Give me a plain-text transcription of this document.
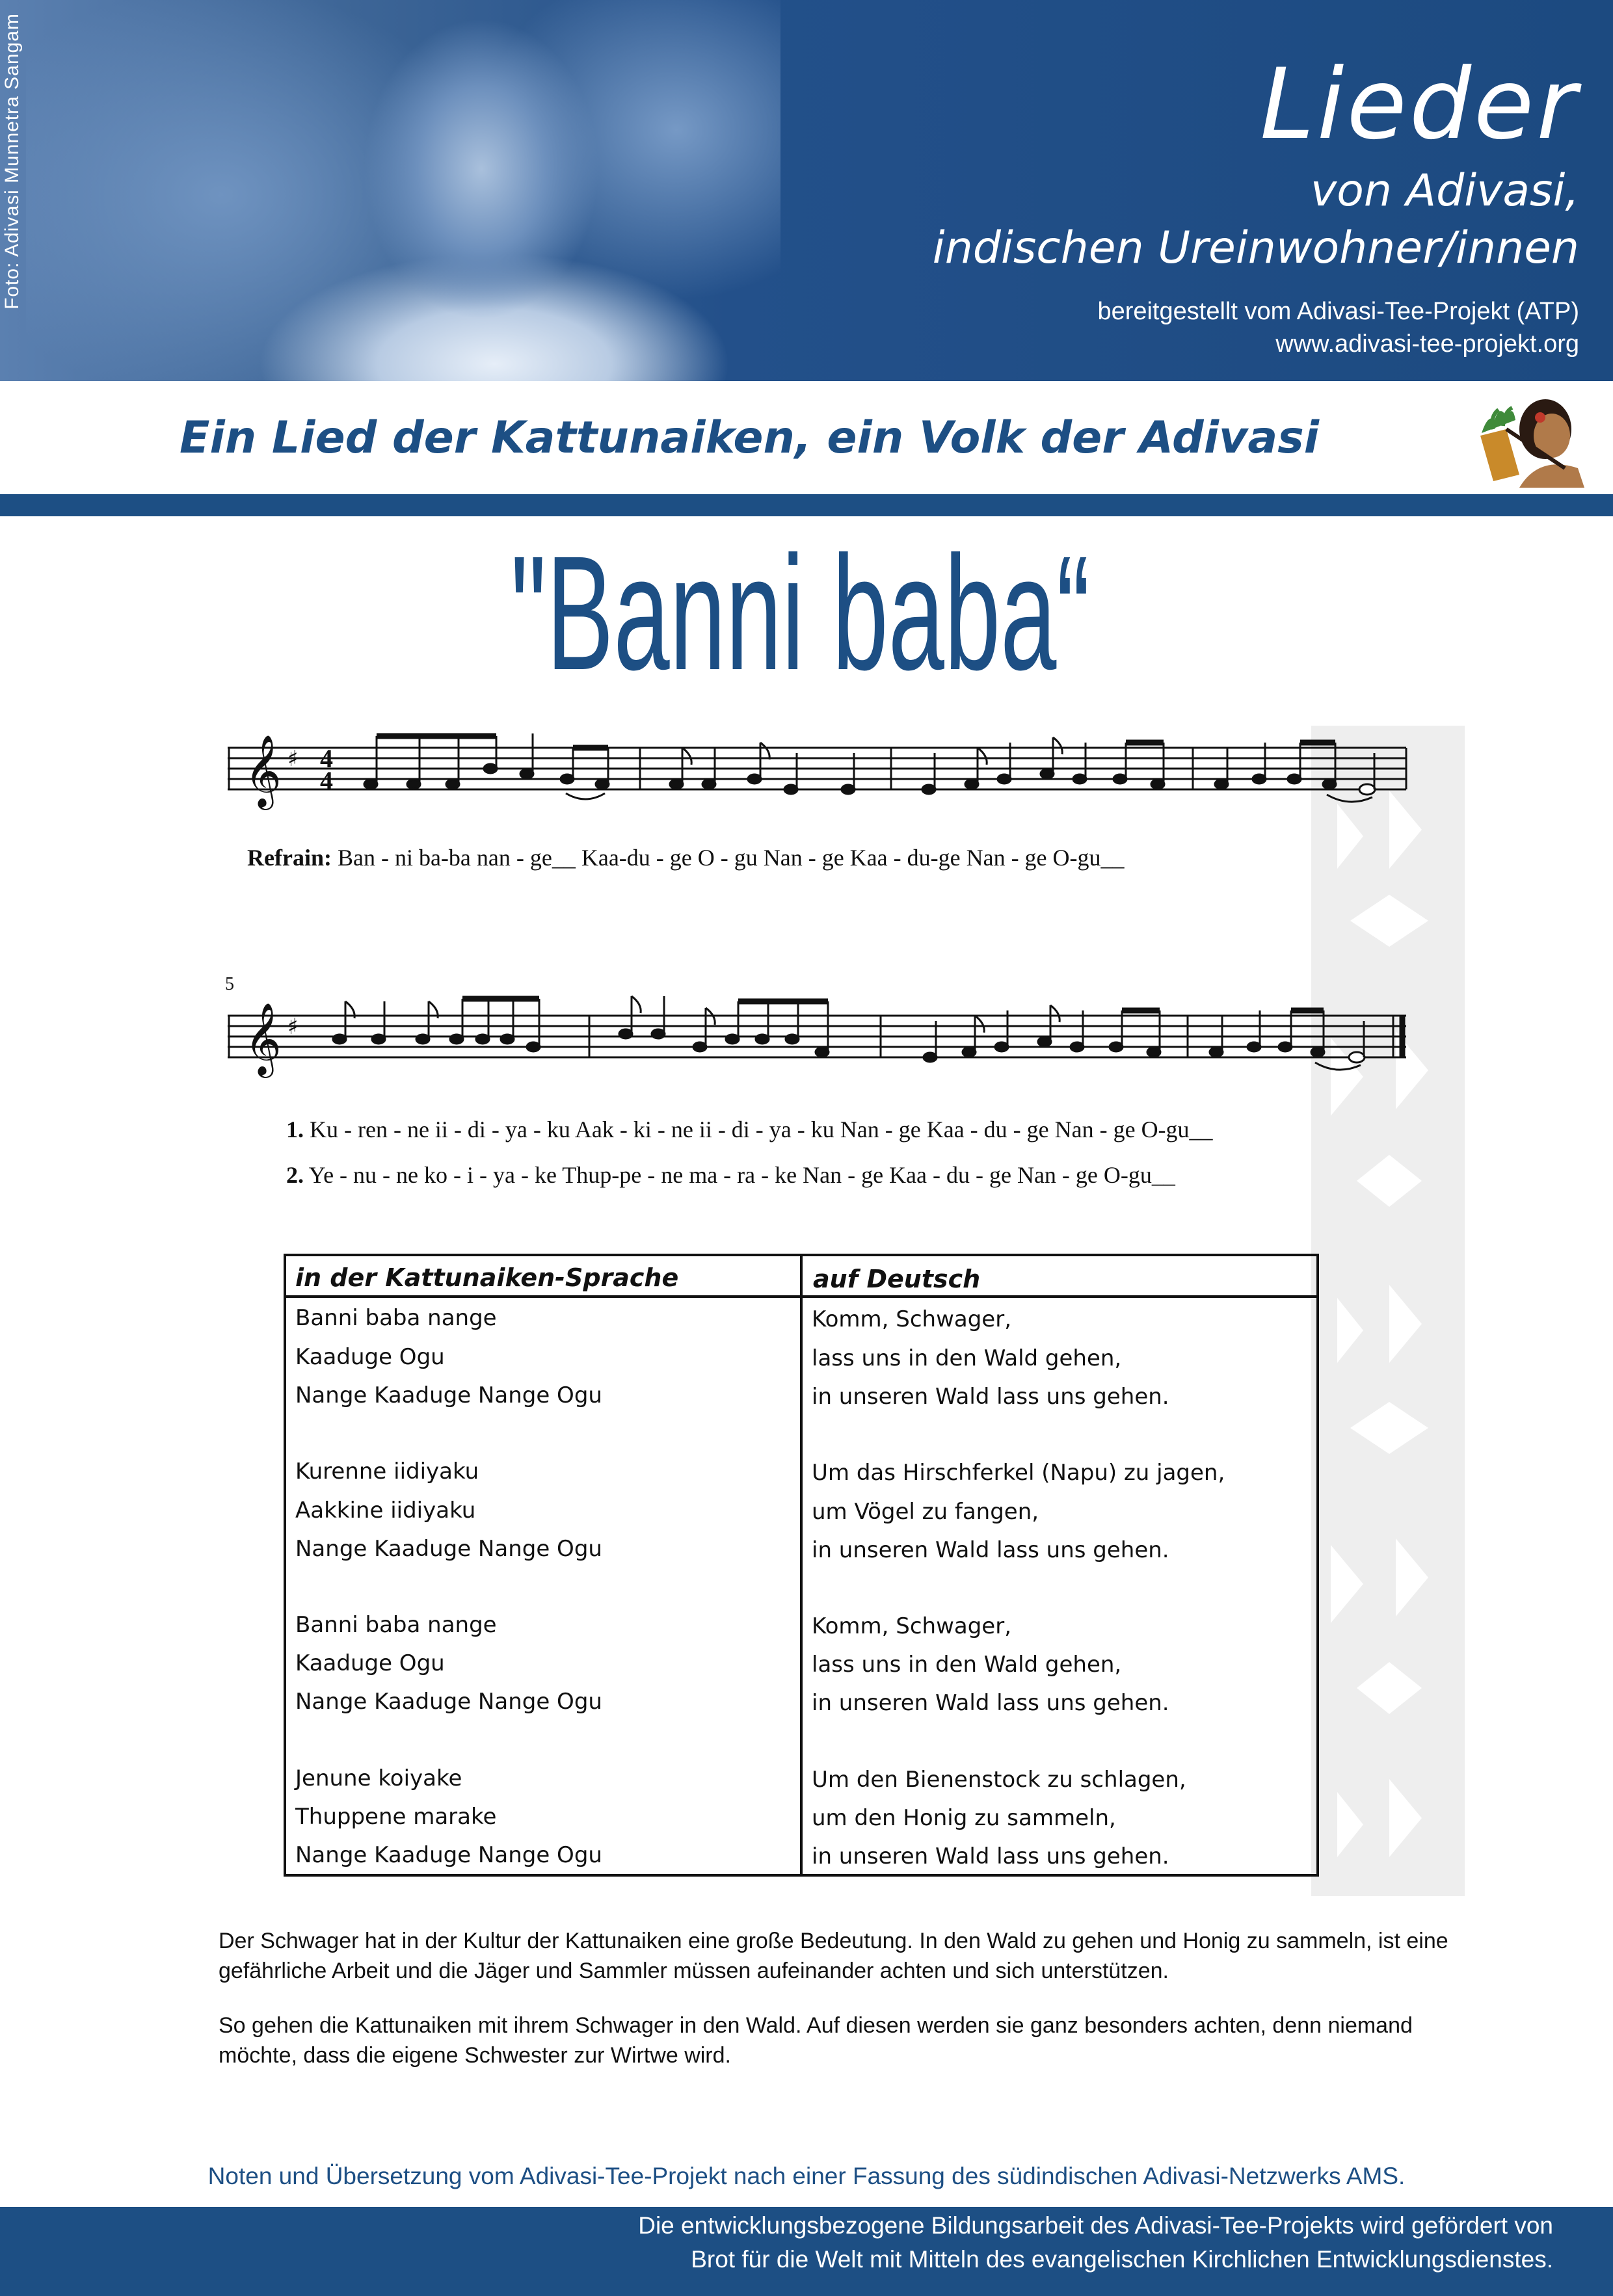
Foto: Adivasi Munnetra Sangam	Lieder
von Adivasi,
indischen Ureinwohner/innen
bereitgestellt vom Adivasi-Tee-Projekt (ATP)
www.adivasi-tee-projekt.org
Ein Lied der Kattunaiken, ein Volk der Adivasi
"Banni baba“
𝄞 ♯ 4
4
Refrain: Ban - ni ba-ba nan - ge__ Kaa-du - ge O - gu Nan - ge Kaa - du-ge Nan - ge O-gu__
5
𝄞 ♯
1. Ku - ren - ne ii - di - ya - ku Aak - ki - ne ii - di - ya - ku Nan - ge Kaa - du - ge Nan - ge O-gu__
2. Ye - nu - ne ko - i - ya - ke Thup-pe - ne ma - ra - ke Nan - ge Kaa - du - ge Nan - ge O-gu__
in der Kattunaiken-Sprache	auf Deutsch
Banni baba nange	Komm, Schwager,
Kaaduge Ogu	lass uns in den Wald gehen,
Nange Kaaduge Nange Ogu	in unseren Wald lass uns gehen.
Kurenne iidiyaku	Um das Hirschferkel (Napu) zu jagen,
Aakkine iidiyaku	um Vögel zu fangen,
Nange Kaaduge Nange Ogu	in unseren Wald lass uns gehen.
Banni baba nange	Komm, Schwager,
Kaaduge Ogu	lass uns in den Wald gehen,
Nange Kaaduge Nange Ogu	in unseren Wald lass uns gehen.
Jenune koiyake	Um den Bienenstock zu schlagen,
Thuppene marake	um den Honig zu sammeln,
Nange Kaaduge Nange Ogu	in unseren Wald lass uns gehen.
Der Schwager hat in der Kultur der Kattunaiken eine große Bedeutung. In den Wald zu gehen und Honig zu sammeln, ist eine gefährliche Arbeit und die Jäger und Sammler müssen aufeinander achten und sich unterstützen.
So gehen die Kattunaiken mit ihrem Schwager in den Wald. Auf diesen werden sie ganz besonders achten, denn niemand möchte, dass die eigene Schwester zur Wirtwe wird.
Noten und Übersetzung vom Adivasi-Tee-Projekt nach einer Fassung des südindischen Adivasi-Netzwerks AMS.
Die entwicklungsbezogene Bildungsarbeit des Adivasi-Tee-Projekts wird gefördert von
Brot für die Welt mit Mitteln des evangelischen Kirchlichen Entwicklungsdienstes.
